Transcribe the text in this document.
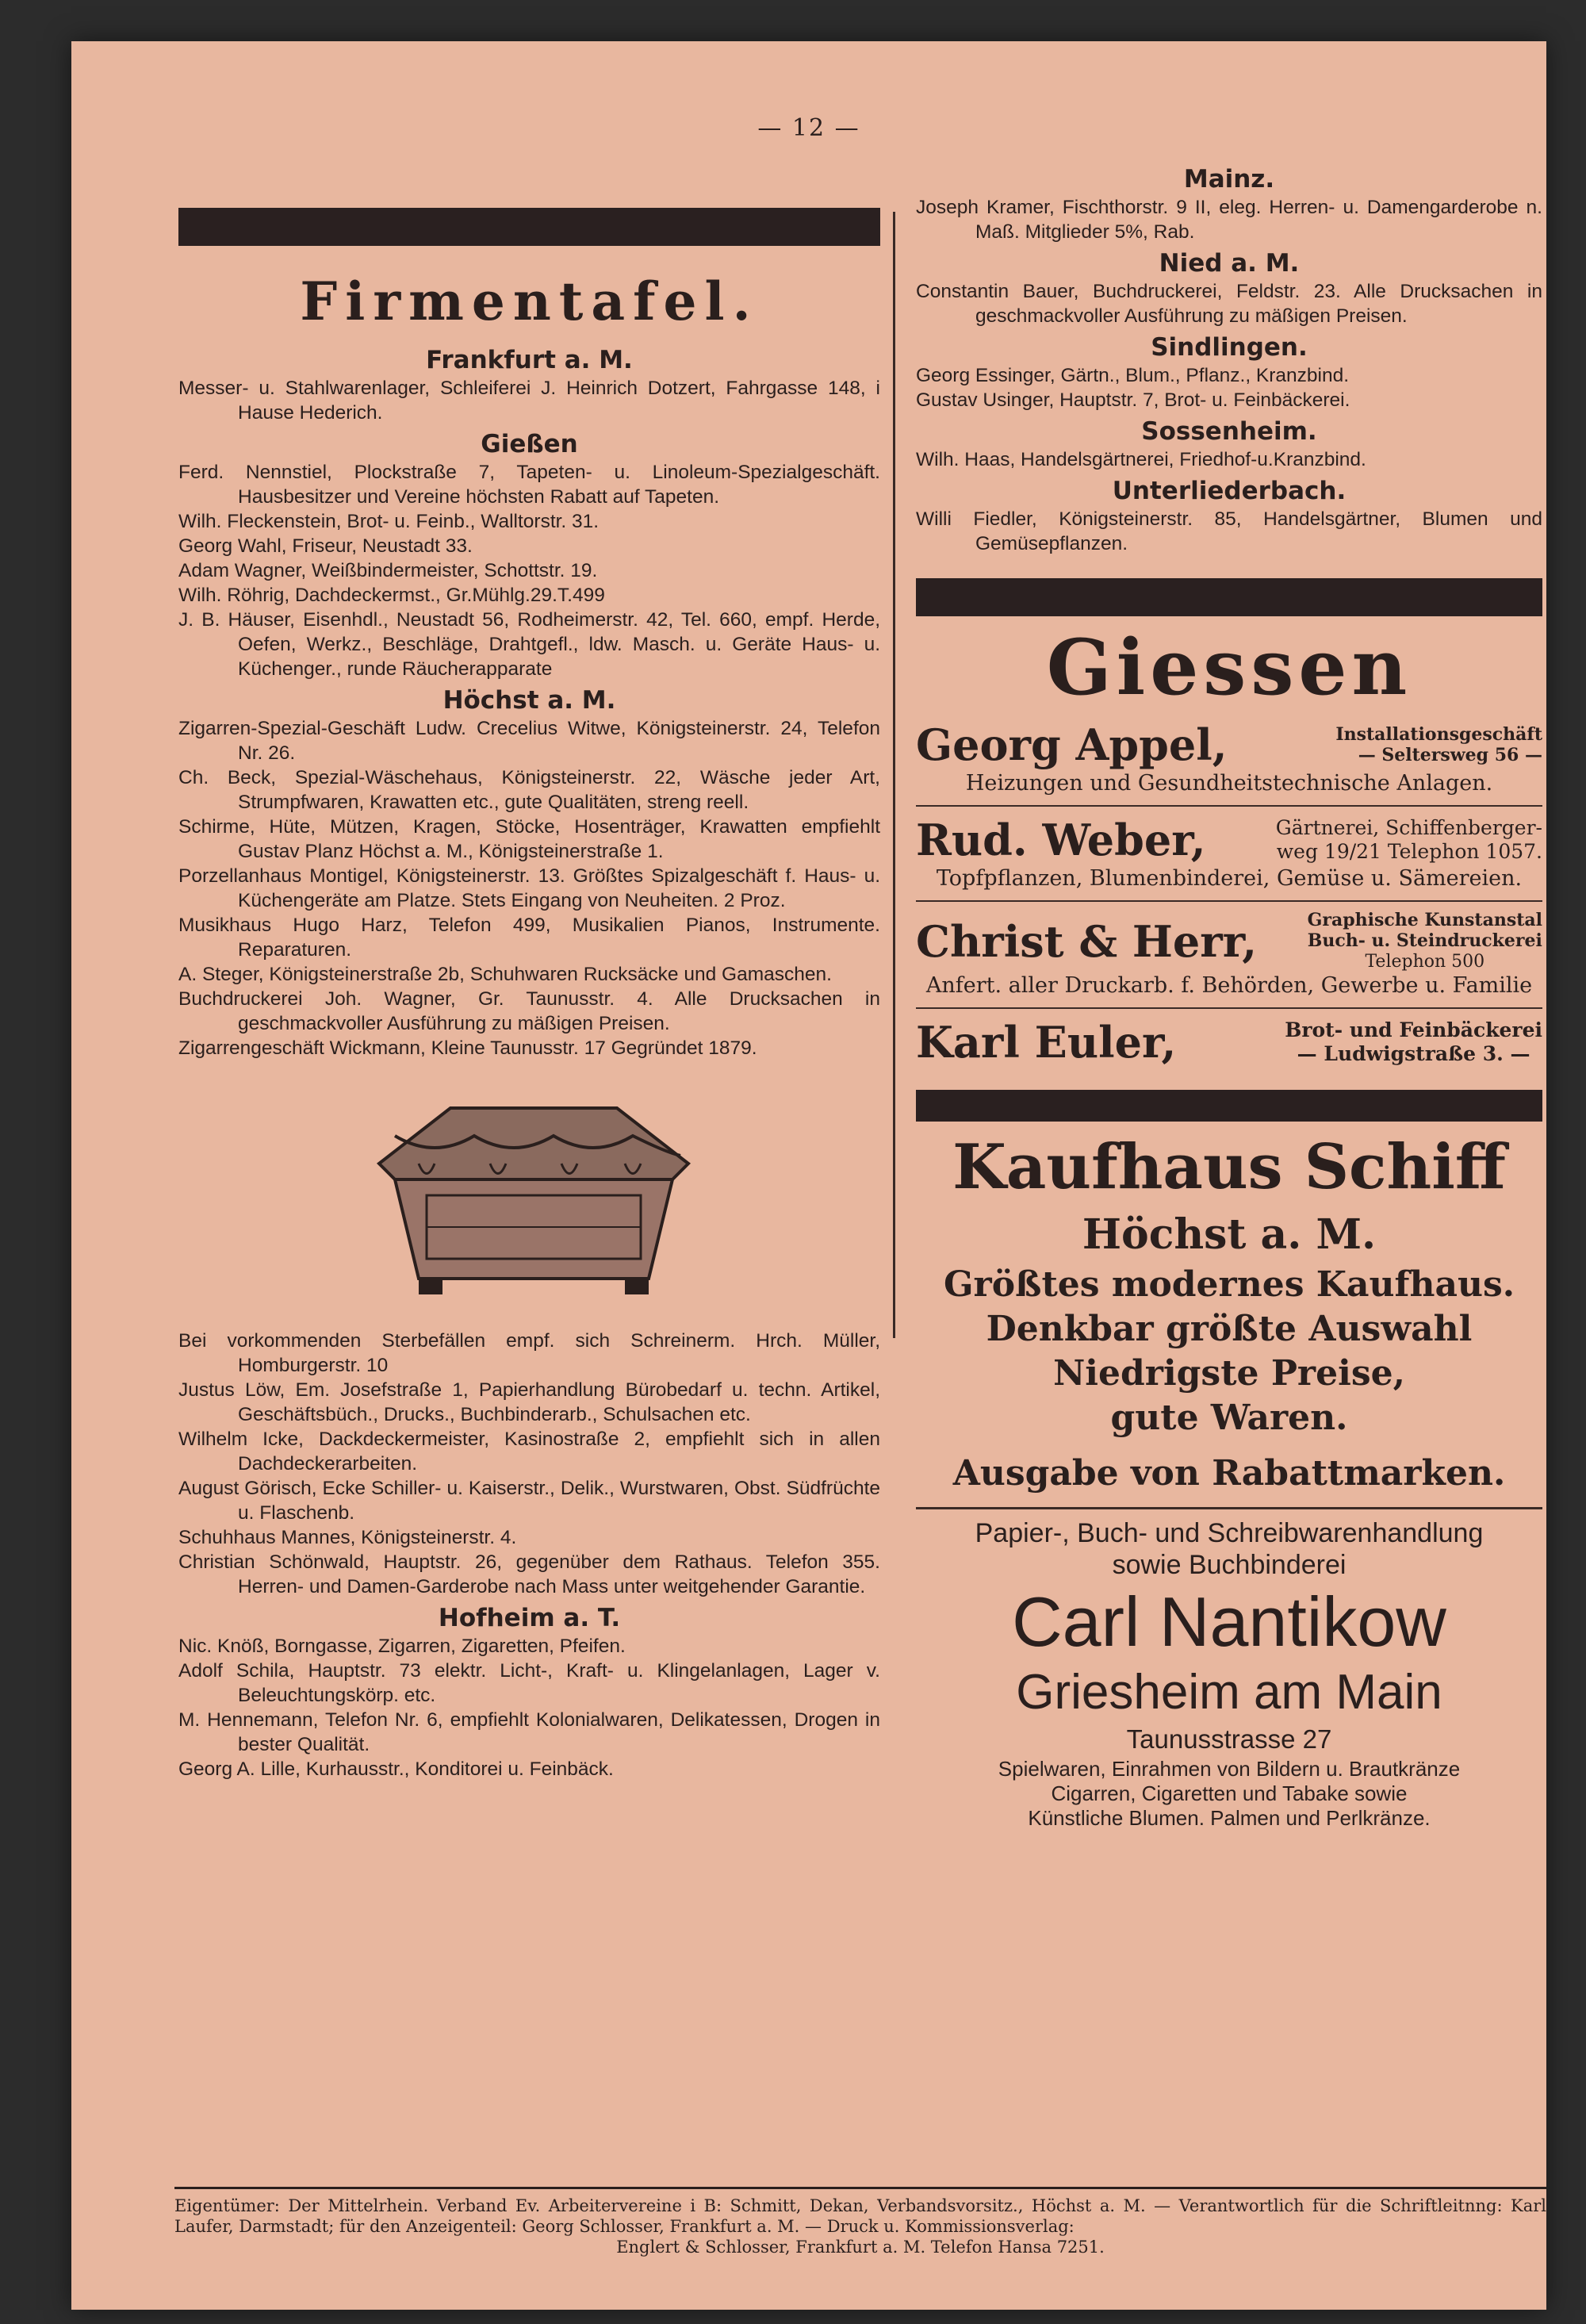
— 12 —
Firmentafel.
Frankfurt a. M.

Messer- u. Stahlwarenlager, Schleiferei J. Heinrich Dotzert, Fahrgasse 148, i Hause Hederich.

Gießen

Ferd. Nennstiel, Plockstraße 7, Tapeten- u. Linoleum-Spezialgeschäft. Hausbesitzer und Vereine höchsten Rabatt auf Tapeten.

Wilh. Fleckenstein, Brot- u. Feinb., Walltorstr. 31.

Georg Wahl, Friseur, Neustadt 33.

Adam Wagner, Weißbindermeister, Schottstr. 19.

Wilh. Röhrig, Dachdeckermst., Gr.Mühlg.29.T.499

J. B. Häuser, Eisenhdl., Neustadt 56, Rodheimerstr. 42, Tel. 660, empf. Herde, Oefen, Werkz., Beschläge, Drahtgefl., ldw. Masch. u. Geräte Haus- u. Küchenger., runde Räucherapparate

Höchst a. M.

Zigarren-Spezial-Geschäft Ludw. Crecelius Witwe, Königsteinerstr. 24, Telefon Nr. 26.

Ch. Beck, Spezial-Wäschehaus, Königsteinerstr. 22, Wäsche jeder Art, Strumpfwaren, Krawatten etc., gute Qualitäten, streng reell.

Schirme, Hüte, Mützen, Kragen, Stöcke, Hosenträger, Krawatten empfiehlt Gustav Planz Höchst a. M., Königsteinerstraße 1.

Porzellanhaus Montigel, Königsteinerstr. 13. Größtes Spizalgeschäft f. Haus- u. Küchengeräte am Platze. Stets Eingang von Neuheiten. 2 Proz.

Musikhaus Hugo Harz, Telefon 499, Musikalien Pianos, Instrumente. Reparaturen.

A. Steger, Königsteinerstraße 2b, Schuhwaren Rucksäcke und Gamaschen.

Buchdruckerei Joh. Wagner, Gr. Taunusstr. 4. Alle Drucksachen in geschmackvoller Ausführung zu mäßigen Preisen.

Zigarrengeschäft Wickmann, Kleine Taunusstr. 17 Gegründet 1879.

Bei vorkommenden Sterbefällen empf. sich Schreinerm. Hrch. Müller, Homburgerstr. 10

Justus Löw, Em. Josefstraße 1, Papierhandlung Bürobedarf u. techn. Artikel, Geschäftsbüch., Drucks., Buchbinderarb., Schulsachen etc.

Wilhelm Icke, Dackdeckermeister, Kasinostraße 2, empfiehlt sich in allen Dachdeckerarbeiten.

August Görisch, Ecke Schiller- u. Kaiserstr., Delik., Wurstwaren, Obst. Südfrüchte u. Flaschenb.

Schuhhaus Mannes, Königsteinerstr. 4.

Christian Schönwald, Hauptstr. 26, gegenüber dem Rathaus. Telefon 355. Herren- und Damen-Garderobe nach Mass unter weitgehender Garantie.

Hofheim a. T.

Nic. Knöß, Borngasse, Zigarren, Zigaretten, Pfeifen.

Adolf Schila, Hauptstr. 73 elektr. Licht-, Kraft- u. Klingelanlagen, Lager v. Beleuchtungskörp. etc.

M. Hennemann, Telefon Nr. 6, empfiehlt Kolonialwaren, Delikatessen, Drogen in bester Qualität.

Georg A. Lille, Kurhausstr., Konditorei u. Feinbäck.

Mainz.

Joseph Kramer, Fischthorstr. 9 II, eleg. Herren- u. Damengarderobe n. Maß. Mitglieder 5%, Rab.

Nied a. M.

Constantin Bauer, Buchdruckerei, Feldstr. 23. Alle Drucksachen in geschmackvoller Ausführung zu mäßigen Preisen.

Sindlingen.

Georg Essinger, Gärtn., Blum., Pflanz., Kranzbind.

Gustav Usinger, Hauptstr. 7, Brot- u. Feinbäckerei.

Sossenheim.

Wilh. Haas, Handelsgärtnerei, Friedhof-u.Kranzbind.

Unterliederbach.

Willi Fiedler, Königsteinerstr. 85, Handelsgärtner, Blumen und Gemüsepflanzen.

Giessen
Georg Appel,	Installationsgeschäft
— Seltersweg 56 —
Heizungen und Gesundheitstechnische Anlagen.
Rud. Weber,	Gärtnerei, Schiffenberger-
weg 19/21 Telephon 1057.
Topfpflanzen, Blumenbinderei, Gemüse u. Sämereien.
Christ & Herr,	Graphische Kunstanstal
Buch- u. Steindruckerei
Telephon 500
Anfert. aller Druckarb. f. Behörden, Gewerbe u. Familie
Karl Euler,	Brot- und Feinbäckerei
— Ludwigstraße 3. —
Kaufhaus Schiff
Höchst a. M.
Größtes modernes Kaufhaus.
Denkbar größte Auswahl
Niedrigste Preise,
gute Waren.
Ausgabe von Rabattmarken.
Papier-, Buch- und Schreibwarenhandlung
sowie Buchbinderei
Carl Nantikow
Griesheim am Main
Taunusstrasse 27
Spielwaren, Einrahmen von Bildern u. Brautkränze
Cigarren, Cigaretten und Tabake sowie
Künstliche Blumen. Palmen und Perlkränze.
Eigentümer: Der Mittelrhein. Verband Ev. Arbeitervereine i B: Schmitt, Dekan, Verbandsvorsitz., Höchst a. M. — Verantwortlich für die Schriftleitnng: Karl Laufer, Darmstadt; für den Anzeigenteil: Georg Schlosser, Frankfurt a. M. — Druck u. Kommissionsverlag:
Englert & Schlosser, Frankfurt a. M. Telefon Hansa 7251.
